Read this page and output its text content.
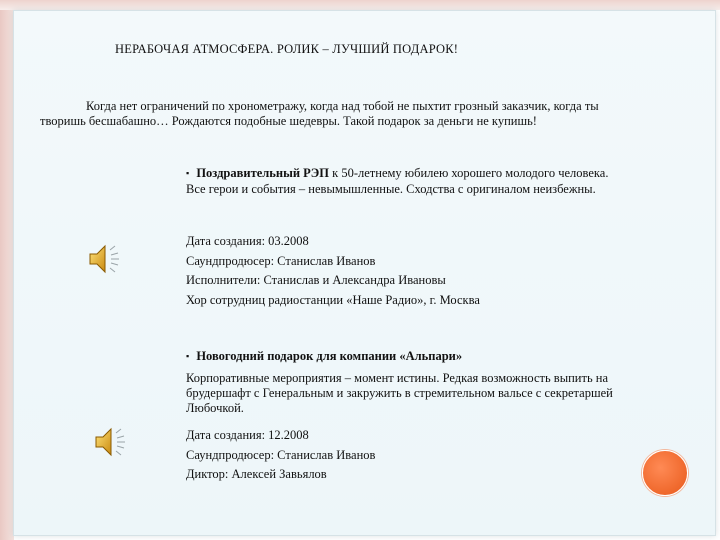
НЕРАБОЧАЯ АТМОСФЕРА. РОЛИК – ЛУЧШИЙ ПОДАРОК!
Когда нет ограничений по хронометражу, когда над тобой не пыхтит грозный заказчик, когда ты творишь бесшабашно… Рождаются подобные шедевры. Такой подарок за деньги не купишь!
▪ Поздравительный РЭП к 50-летнему юбилею хорошего молодого человека. Все герои и события – невымышленные. Сходства с оригиналом неизбежны.
Дата создания: 03.2008
Саундпродюсер: Станислав Иванов
Исполнители: Станислав и Александра Ивановы
Хор сотрудниц радиостанции «Наше Радио», г. Москва
▪ Новогодний подарок для компании «Альпари»
Корпоративные мероприятия – момент истины. Редкая возможность выпить на брудершафт с Генеральным и закружить в стремительном вальсе с секретаршей Любочкой.
Дата создания: 12.2008
Саундпродюсер: Станислав Иванов
Диктор: Алексей Завьялов
